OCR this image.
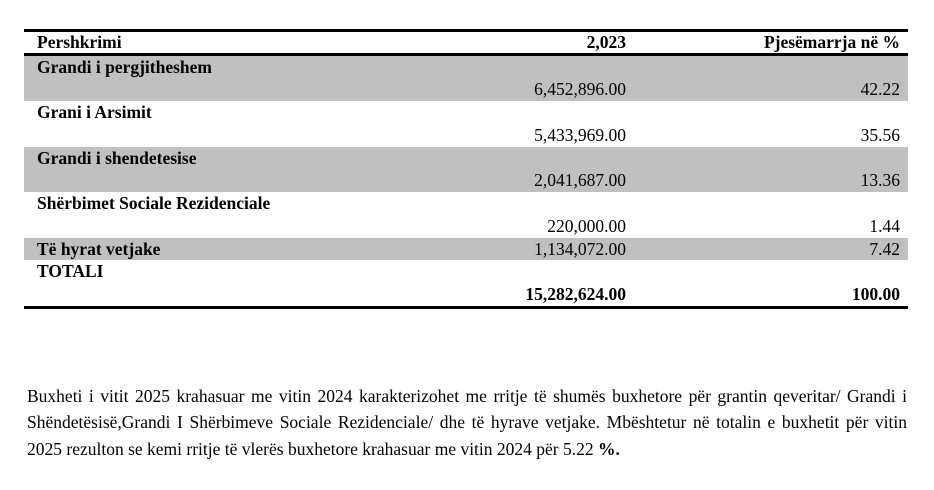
Pershkrimi	2,023	Pjesëmarrja në %
Grandi i pergjitheshem	6,452,896.00	42.22

Grani i Arsimit	5,433,969.00	35.56

Grandi i shendetesise	2,041,687.00	13.36

Shërbimet Sociale Rezidenciale	220,000.00	1.44

Të hyrat vetjake	1,134,072.00	7.42

TOTALI	15,282,624.00	100.00

Buxheti i vitit 2025 krahasuar me vitin 2024 karakterizohet me rritje të shumës buxhetore për grantin qeveritar/ Grandi i Shëndetësisë,Grandi I Shërbimeve Sociale Rezidenciale/ dhe të hyrave vetjake. Mbështetur në totalin e buxhetit për vitin 2025 rezulton se kemi rritje të vlerës buxhetore krahasuar me vitin 2024 për 5.22 %.
